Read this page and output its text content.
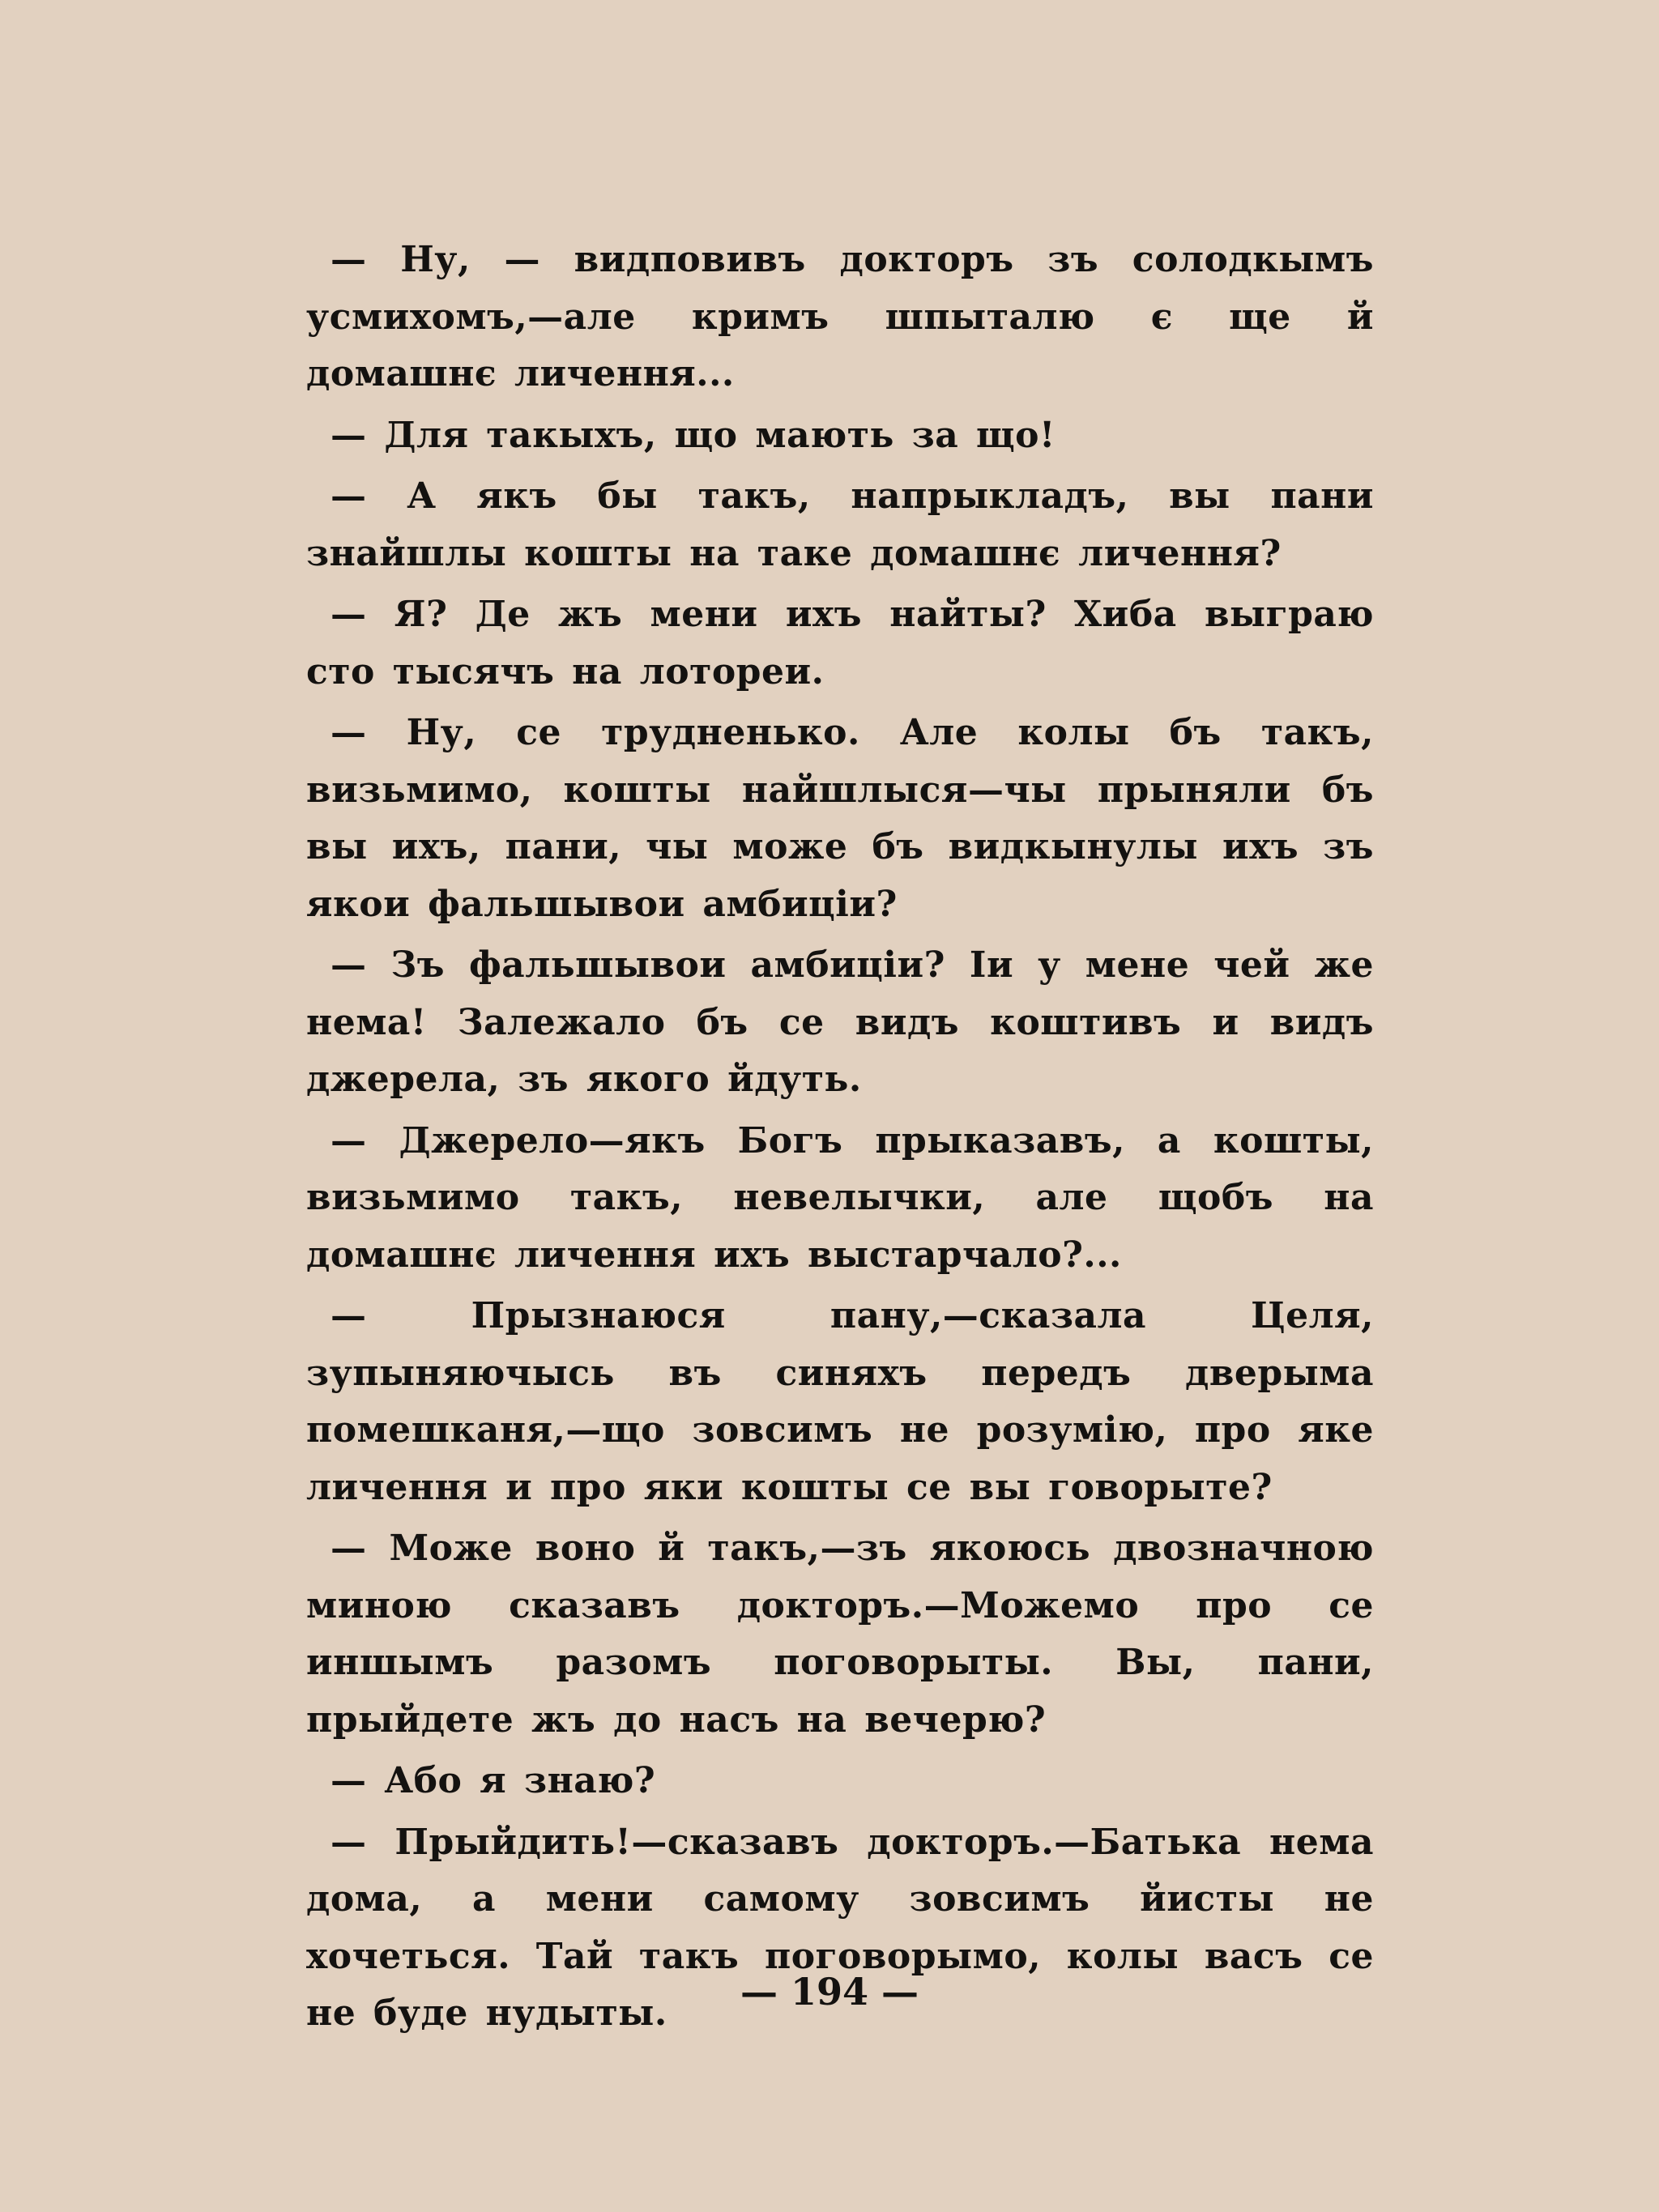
— Ну, — видповивъ докторъ зъ солодкымъ усмихомъ,—але кримъ шпыталю є ще й домашнє личення...

— Для такыхъ, що мають за що!

— А якъ бы такъ, напрыкладъ, вы пани знайшлы кошты на таке домашнє личення?

— Я? Де жъ мени ихъ найты? Хиба выграю сто тысячъ на лотореи.

— Ну, се трудненько. Але колы бъ такъ, визьмимо, кошты найшлыся—чы прыняли бъ вы ихъ, пани, чы може бъ видкынулы ихъ зъ якои фальшывои амбиціи?

— Зъ фальшывои амбиціи? Іи у мене чей же нема! Залежало бъ се видъ коштивъ и видъ джерела, зъ якого йдуть.

— Джерело—якъ Богъ прыказавъ, а кошты, визьмимо такъ, невелычки, але щобъ на домашнє личення ихъ выстарчало?...

— Прызнаюся пану,—сказала Целя, зупыняючысь въ синяхъ передъ дверыма помешканя,—що зовсимъ не розумію, про яке личення и про яки кошты се вы говорыте?

— Може воно й такъ,—зъ якоюсь двозначною миною сказавъ докторъ.—Можемо про се иншымъ разомъ поговорыты. Вы, пани, прыйдете жъ до насъ на вечерю?

— Або я знаю?

— Прыйдить!—сказавъ докторъ.—Батька нема дома, а мени самому зовсимъ йисты не хочеться. Тай такъ поговорымо, колы васъ се не буде нудыты.	— 194 —
